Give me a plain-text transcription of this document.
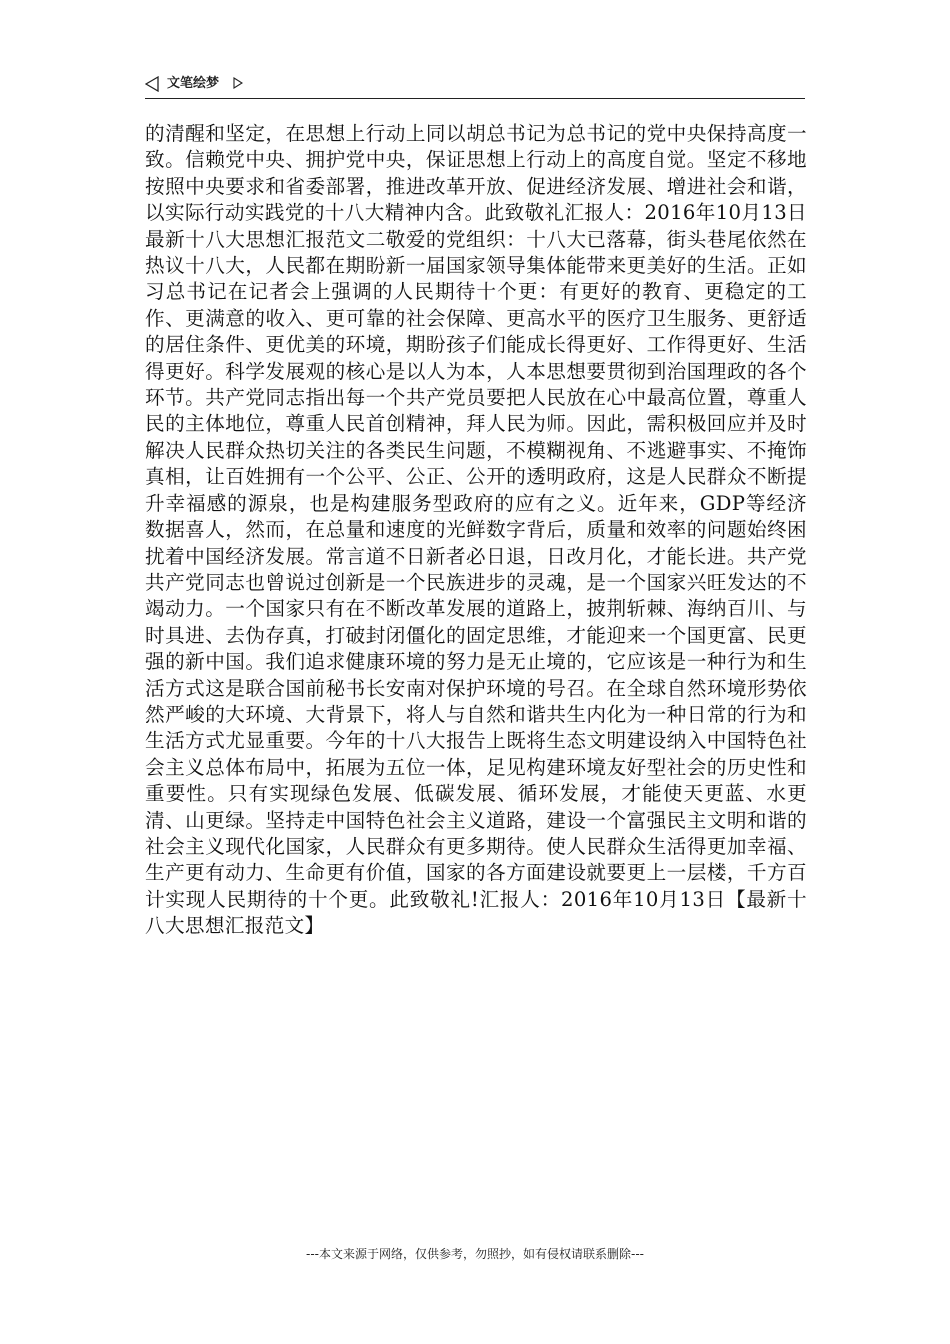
文笔绘梦

的清醒和坚定，在思想上行动上同以胡总书记为总书记的党中央保持高度一致。信赖党中央、拥护党中央，保证思想上行动上的高度自觉。坚定不移地按照中央要求和省委部署，推进改革开放、促进经济发展、增进社会和谐，以实际行动实践党的十八大精神内含。此致敬礼汇报人：2016年10月13日最新十八大思想汇报范文二敬爱的党组织：十八大已落幕，街头巷尾依然在热议十八大，人民都在期盼新一届国家领导集体能带来更美好的生活。正如习总书记在记者会上强调的人民期待十个更：有更好的教育、更稳定的工作、更满意的收入、更可靠的社会保障、更高水平的医疗卫生服务、更舒适的居住条件、更优美的环境，期盼孩子们能成长得更好、工作得更好、生活得更好。科学发展观的核心是以人为本，人本思想要贯彻到治国理政的各个环节。共产党同志指出每一个共产党员要把人民放在心中最高位置，尊重人民的主体地位，尊重人民首创精神，拜人民为师。因此，需积极回应并及时解决人民群众热切关注的各类民生问题，不模糊视角、不逃避事实、不掩饰真相，让百姓拥有一个公平、公正、公开的透明政府，这是人民群众不断提升幸福感的源泉，也是构建服务型政府的应有之义。近年来，GDP等经济数据喜人，然而，在总量和速度的光鲜数字背后，质量和效率的问题始终困扰着中国经济发展。常言道不日新者必日退，日改月化，才能长进。共产党共产党同志也曾说过创新是一个民族进步的灵魂，是一个国家兴旺发达的不竭动力。一个国家只有在不断改革发展的道路上，披荆斩棘、海纳百川、与时具进、去伪存真，打破封闭僵化的固定思维，才能迎来一个国更富、民更强的新中国。我们追求健康环境的努力是无止境的，它应该是一种行为和生活方式这是联合国前秘书长安南对保护环境的号召。在全球自然环境形势依然严峻的大环境、大背景下，将人与自然和谐共生内化为一种日常的行为和生活方式尤显重要。今年的十八大报告上既将生态文明建设纳入中国特色社会主义总体布局中，拓展为五位一体，足见构建环境友好型社会的历史性和重要性。只有实现绿色发展、低碳发展、循环发展，才能使天更蓝、水更清、山更绿。坚持走中国特色社会主义道路，建设一个富强民主文明和谐的社会主义现代化国家，人民群众有更多期待。使人民群众生活得更加幸福、生产更有动力、生命更有价值，国家的各方面建设就要更上一层楼，千方百计实现人民期待的十个更。此致敬礼!汇报人：2016年10月13日【最新十八大思想汇报范文】

---本文来源于网络，仅供参考，勿照抄，如有侵权请联系删除---
